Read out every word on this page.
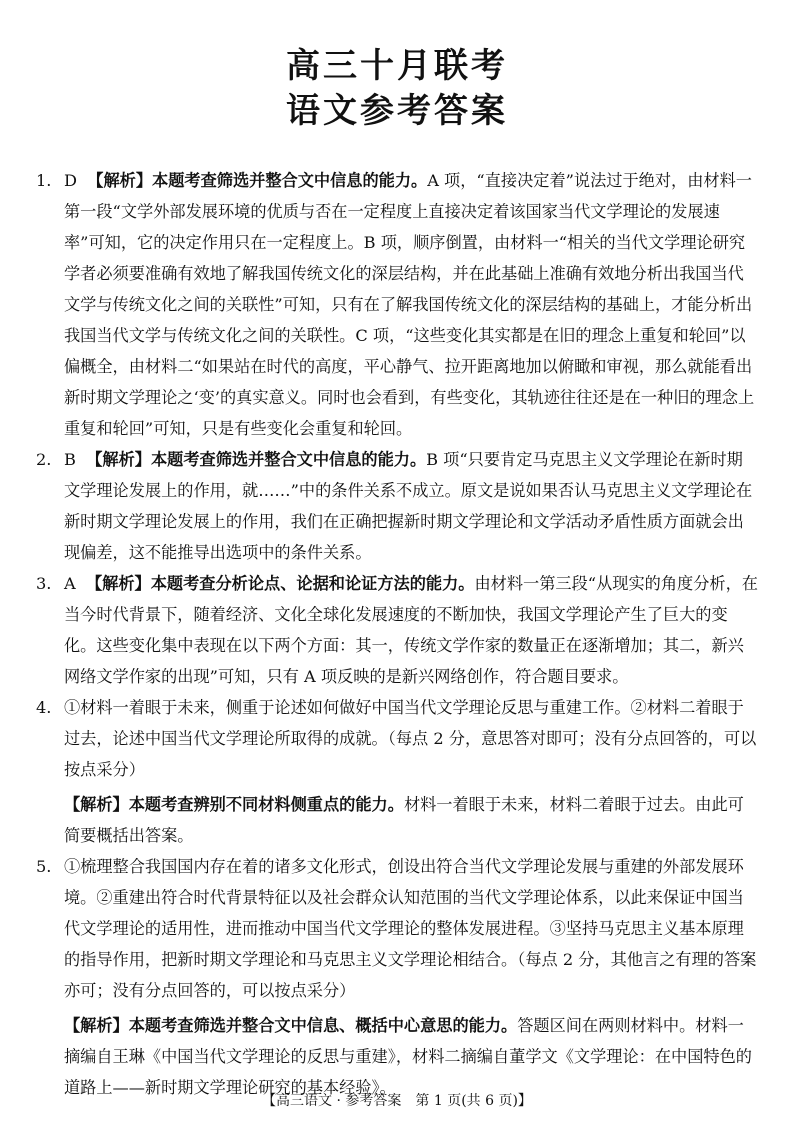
高三十月联考
语文参考答案
1. D 【解析】本题考查筛选并整合文中信息的能力。A 项，“直接决定着”说法过于绝对，由材料一第一段“文学外部发展环境的优质与否在一定程度上直接决定着该国家当代文学理论的发展速率”可知，它的决定作用只在一定程度上。B 项，顺序倒置，由材料一“相关的当代文学理论研究学者必须要准确有效地了解我国传统文化的深层结构，并在此基础上准确有效地分析出我国当代文学与传统文化之间的关联性”可知，只有在了解我国传统文化的深层结构的基础上，才能分析出我国当代文学与传统文化之间的关联性。C 项，“这些变化其实都是在旧的理念上重复和轮回”以偏概全，由材料二“如果站在时代的高度，平心静气、拉开距离地加以俯瞰和审视，那么就能看出新时期文学理论之‘变’的真实意义。同时也会看到，有些变化，其轨迹往往还是在一种旧的理念上重复和轮回”可知，只是有些变化会重复和轮回。
2. B 【解析】本题考查筛选并整合文中信息的能力。B 项“只要肯定马克思主义文学理论在新时期文学理论发展上的作用，就……”中的条件关系不成立。原文是说如果否认马克思主义文学理论在新时期文学理论发展上的作用，我们在正确把握新时期文学理论和文学活动矛盾性质方面就会出现偏差，这不能推导出选项中的条件关系。
3. A 【解析】本题考查分析论点、论据和论证方法的能力。由材料一第三段“从现实的角度分析，在当今时代背景下，随着经济、文化全球化发展速度的不断加快，我国文学理论产生了巨大的变化。这些变化集中表现在以下两个方面：其一，传统文学作家的数量正在逐渐增加；其二，新兴网络文学作家的出现”可知，只有 A 项反映的是新兴网络创作，符合题目要求。
4. ①材料一着眼于未来，侧重于论述如何做好中国当代文学理论反思与重建工作。②材料二着眼于过去，论述中国当代文学理论所取得的成就。（每点 2 分，意思答对即可；没有分点回答的，可以按点采分）
【解析】本题考查辨别不同材料侧重点的能力。材料一着眼于未来，材料二着眼于过去。由此可简要概括出答案。
5. ①梳理整合我国国内存在着的诸多文化形式，创设出符合当代文学理论发展与重建的外部发展环境。②重建出符合时代背景特征以及社会群众认知范围的当代文学理论体系，以此来保证中国当代文学理论的适用性，进而推动中国当代文学理论的整体发展进程。③坚持马克思主义基本原理的指导作用，把新时期文学理论和马克思主义文学理论相结合。（每点 2 分，其他言之有理的答案亦可；没有分点回答的，可以按点采分）
【解析】本题考查筛选并整合文中信息、概括中心意思的能力。答题区间在两则材料中。材料一摘编自王琳《中国当代文学理论的反思与重建》，材料二摘编自董学文《文学理论：在中国特色的道路上——新时期文学理论研究的基本经验》。
【高三语文 · 参考答案　第 1 页(共 6 页)】
